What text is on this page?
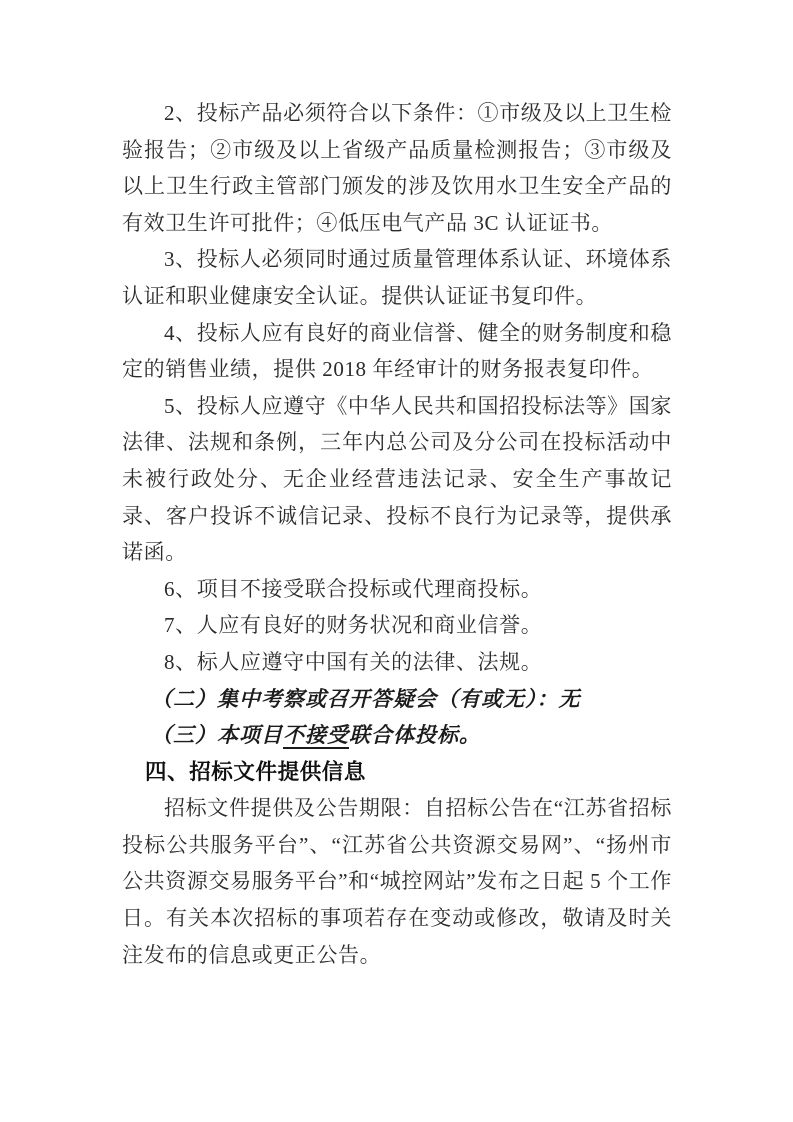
2、投标产品必须符合以下条件：①市级及以上卫生检验报告；②市级及以上省级产品质量检测报告；③市级及以上卫生行政主管部门颁发的涉及饮用水卫生安全产品的有效卫生许可批件；④低压电气产品 3C 认证证书。

3、投标人必须同时通过质量管理体系认证、环境体系认证和职业健康安全认证。提供认证证书复印件。

4、投标人应有良好的商业信誉、健全的财务制度和稳定的销售业绩，提供 2018 年经审计的财务报表复印件。

5、投标人应遵守《中华人民共和国招投标法等》国家法律、法规和条例，三年内总公司及分公司在投标活动中未被行政处分、无企业经营违法记录、安全生产事故记录、客户投诉不诚信记录、投标不良行为记录等，提供承诺函。

6、项目不接受联合投标或代理商投标。

7、人应有良好的财务状况和商业信誉。

8、标人应遵守中国有关的法律、法规。

（二）集中考察或召开答疑会（有或无）：无

（三）本项目不接受联合体投标。

四、招标文件提供信息

招标文件提供及公告期限：自招标公告在“江苏省招标投标公共服务平台”、“江苏省公共资源交易网”、“扬州市公共资源交易服务平台”和“城控网站”发布之日起 5 个工作日。有关本次招标的事项若存在变动或修改，敬请及时关注发布的信息或更正公告。
